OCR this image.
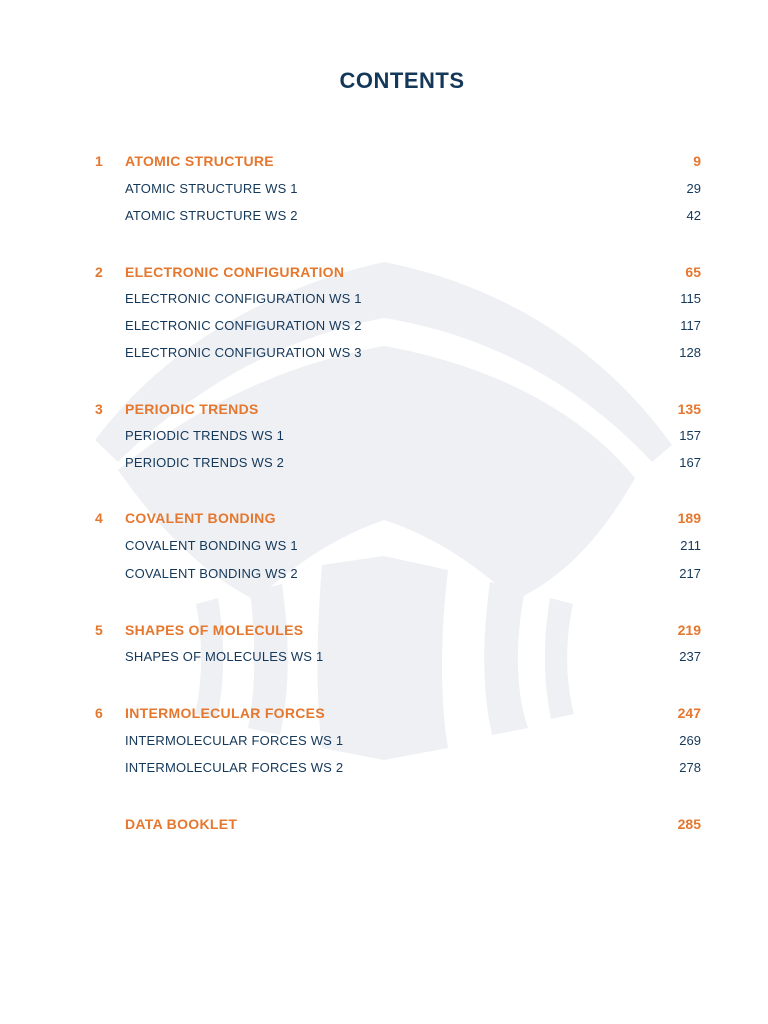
CONTENTS
1 ATOMIC STRUCTURE	9
ATOMIC STRUCTURE WS 1	29
ATOMIC STRUCTURE WS 2	42
2 ELECTRONIC CONFIGURATION	65
ELECTRONIC CONFIGURATION WS 1	115
ELECTRONIC CONFIGURATION WS 2	117
ELECTRONIC CONFIGURATION WS 3	128
3 PERIODIC TRENDS	135
PERIODIC TRENDS WS 1	157
PERIODIC TRENDS WS 2	167
4 COVALENT BONDING	189
COVALENT BONDING WS 1	211
COVALENT BONDING WS 2	217
5 SHAPES OF MOLECULES	219
SHAPES OF MOLECULES WS 1	237
6 INTERMOLECULAR FORCES	247
INTERMOLECULAR FORCES WS 1	269
INTERMOLECULAR FORCES WS 2	278
DATA BOOKLET	285
